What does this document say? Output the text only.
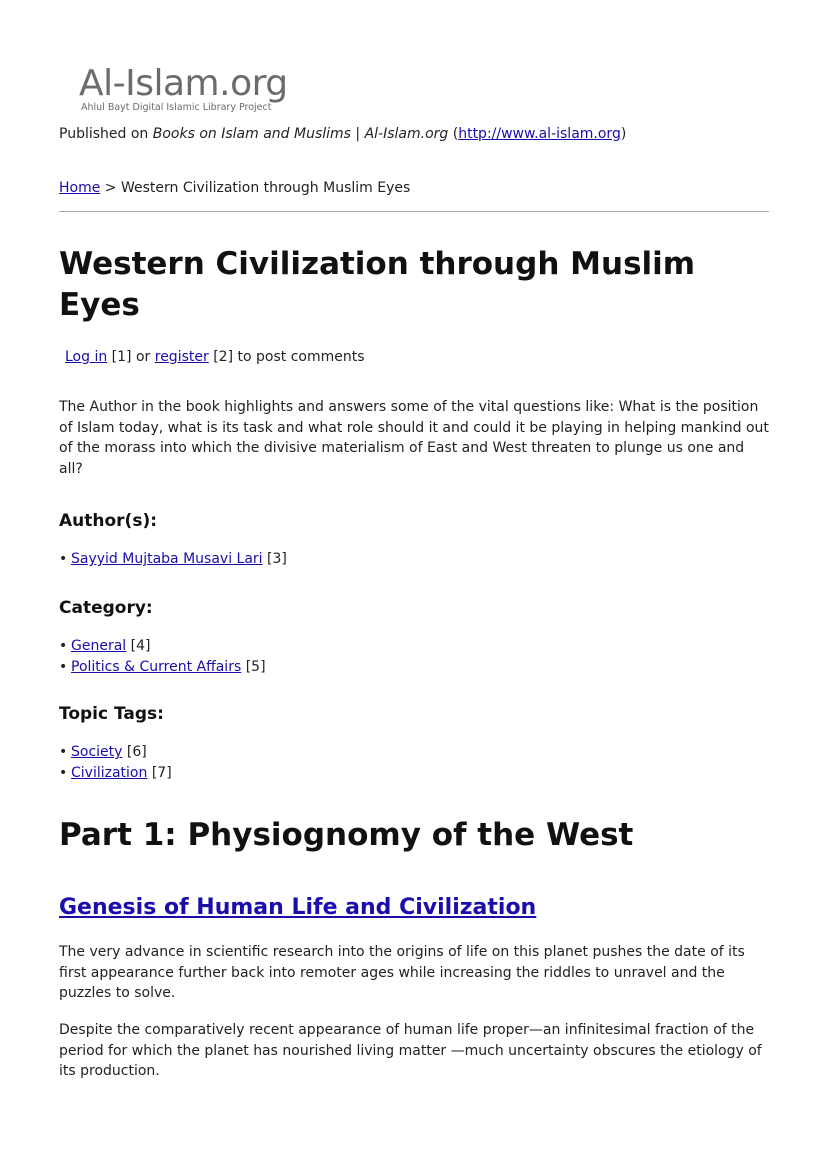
Al-Islam.org
Ahlul Bayt Digital Islamic Library Project
Published on Books on Islam and Muslims | Al-Islam.org (http://www.al-islam.org)
Home > Western Civilization through Muslim Eyes
Western Civilization through Muslim Eyes
Log in [1] or register [2] to post comments

The Author in the book highlights and answers some of the vital questions like: What is the position of Islam today, what is its task and what role should it and could it be playing in helping mankind out of the morass into which the divisive materialism of East and West threaten to plunge us one and all?

Author(s):
• Sayyid Mujtaba Musavi Lari [3]
Category:
• General [4]
• Politics & Current Affairs [5]
Topic Tags:
• Society [6]
• Civilization [7]
Part 1: Physiognomy of the West
Genesis of Human Life and Civilization

The very advance in scientific research into the origins of life on this planet pushes the date of its first appearance further back into remoter ages while increasing the riddles to unravel and the puzzles to solve.

Despite the comparatively recent appearance of human life proper—an infinitesimal fraction of the period for which the planet has nourished living matter —much uncertainty obscures the etiology of its production.
